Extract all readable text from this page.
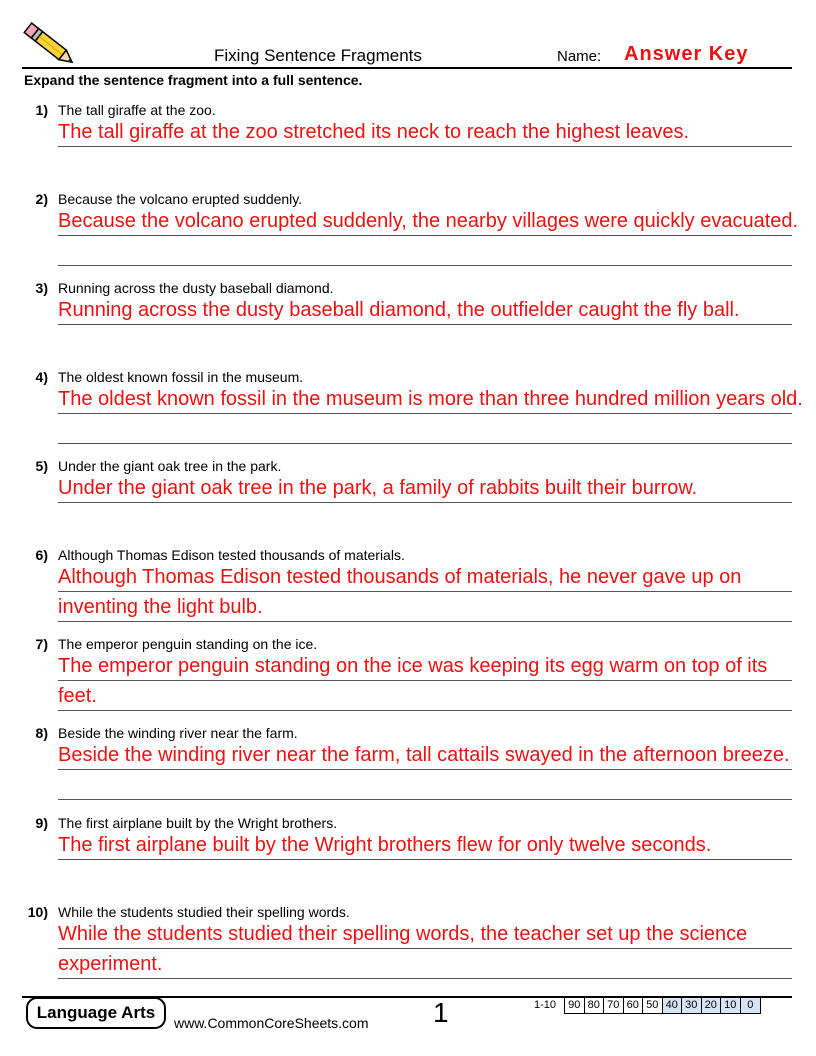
Fixing Sentence Fragments	Name: Answer Key
Expand the sentence fragment into a full sentence.
1) The tall giraffe at the zoo.
The tall giraffe at the zoo stretched its neck to reach the highest leaves.
2) Because the volcano erupted suddenly.
Because the volcano erupted suddenly, the nearby villages were quickly evacuated.
3) Running across the dusty baseball diamond.
Running across the dusty baseball diamond, the outfielder caught the fly ball.
4) The oldest known fossil in the museum.
The oldest known fossil in the museum is more than three hundred million years old.
5) Under the giant oak tree in the park.
Under the giant oak tree in the park, a family of rabbits built their burrow.
6) Although Thomas Edison tested thousands of materials.
Although Thomas Edison tested thousands of materials, he never gave up on inventing the light bulb.
7) The emperor penguin standing on the ice.
The emperor penguin standing on the ice was keeping its egg warm on top of its feet.
8) Beside the winding river near the farm.
Beside the winding river near the farm, tall cattails swayed in the afternoon breeze.
9) The first airplane built by the Wright brothers.
The first airplane built by the Wright brothers flew for only twelve seconds.
10) While the students studied their spelling words.
While the students studied their spelling words, the teacher set up the science experiment.
Language Arts
www.CommonCoreSheets.com 1	1-10 90 80 70 60 50 40 30 20 10 0
